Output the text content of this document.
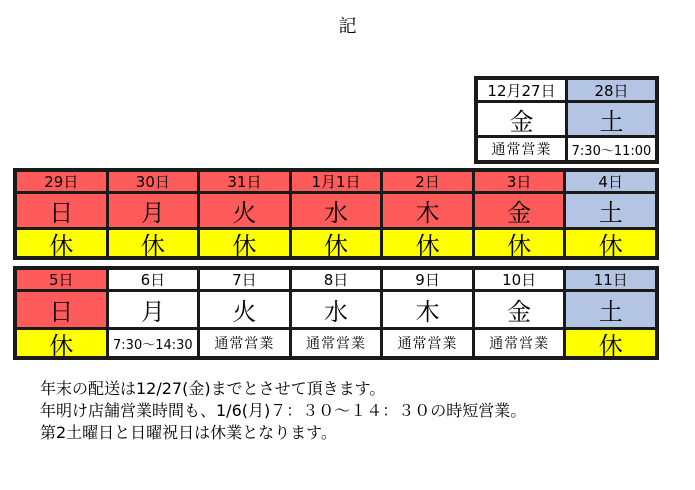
記
12月27日	28日
金	土
通常営業	7:30〜11:00
29日	30日	31日	1月1日	2日	3日	4日
日	月	火	水	木	金	土
休	休	休	休	休	休	休
5日	6日	7日	8日	9日	10日	11日
日	月	火	水	木	金	土
休	7:30〜14:30	通常営業	通常営業	通常営業	通常営業	休
年末の配送は12/27(金)までとさせて頂きます。
年明け店舗営業時間も、1/6(月)７：３０〜１４：３０の時短営業。
第2土曜日と日曜祝日は休業となります。
